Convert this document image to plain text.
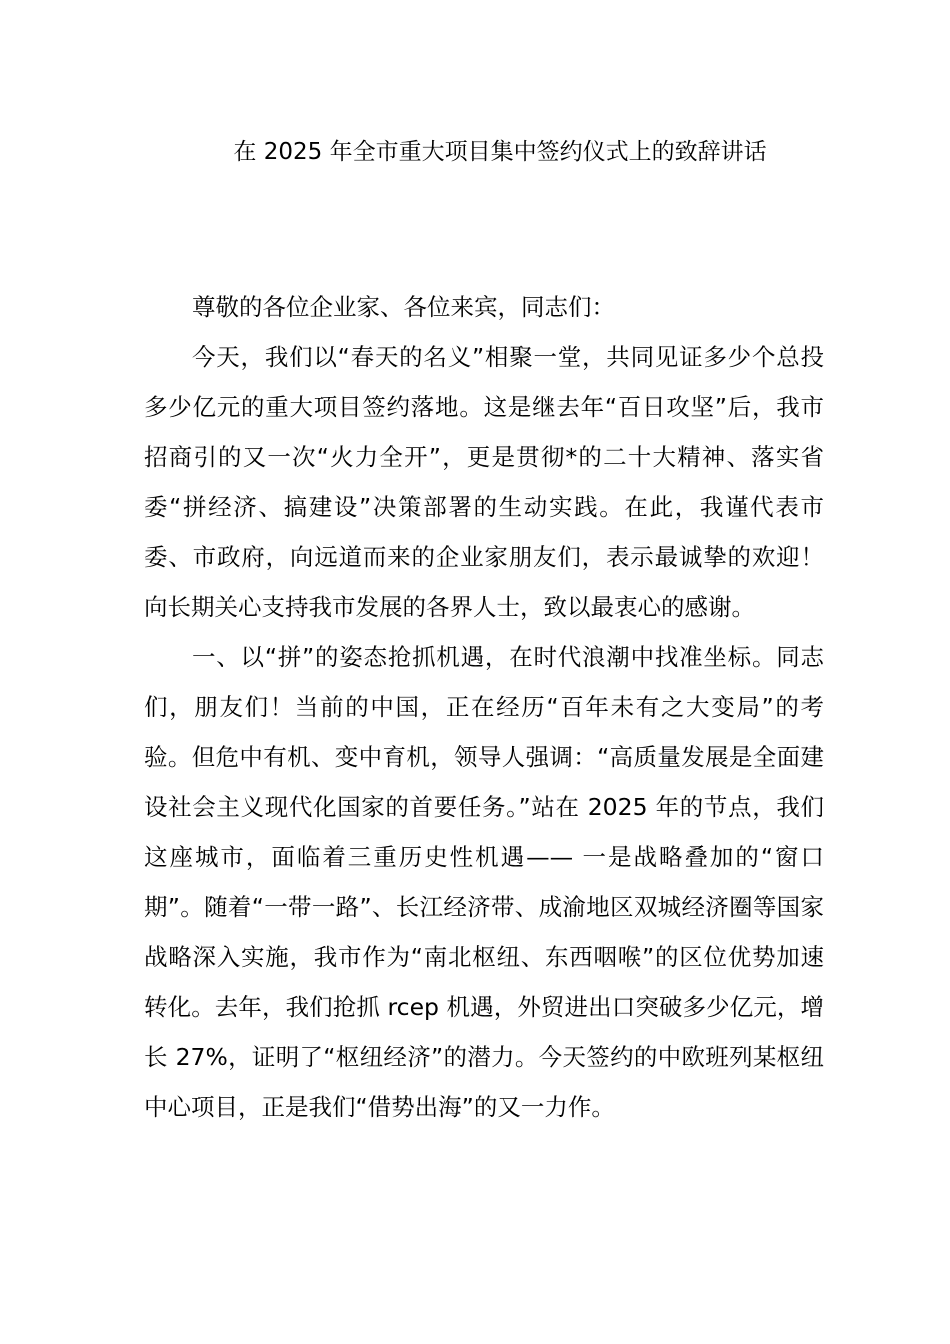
在 2025 年全市重大项目集中签约仪式上的致辞讲话

尊敬的各位企业家、各位来宾，同志们：

今天，我们以“春天的名义”相聚一堂，共同见证多少个总投多少亿元的重大项目签约落地。这是继去年“百日攻坚”后，我市招商引的又一次“火力全开”，更是贯彻*的二十大精神、落实省委“拼经济、搞建设”决策部署的生动实践。在此，我谨代表市委、市政府，向远道而来的企业家朋友们，表示最诚挚的欢迎！向长期关心支持我市发展的各界人士，致以最衷心的感谢。

一、以“拼”的姿态抢抓机遇，在时代浪潮中找准坐标。同志们，朋友们！当前的中国，正在经历“百年未有之大变局”的考验。但危中有机、变中育机，领导人强调：“高质量发展是全面建设社会主义现代化国家的首要任务。”站在 2025 年的节点，我们这座城市，面临着三重历史性机遇—— 一是战略叠加的“窗口期”。随着“一带一路”、长江经济带、成渝地区双城经济圈等国家战略深入实施，我市作为“南北枢纽、东西咽喉”的区位优势加速转化。去年，我们抢抓 rcep 机遇，外贸进出口突破多少亿元，增长 27%，证明了“枢纽经济”的潜力。今天签约的中欧班列某枢纽中心项目，正是我们“借势出海”的又一力作。
